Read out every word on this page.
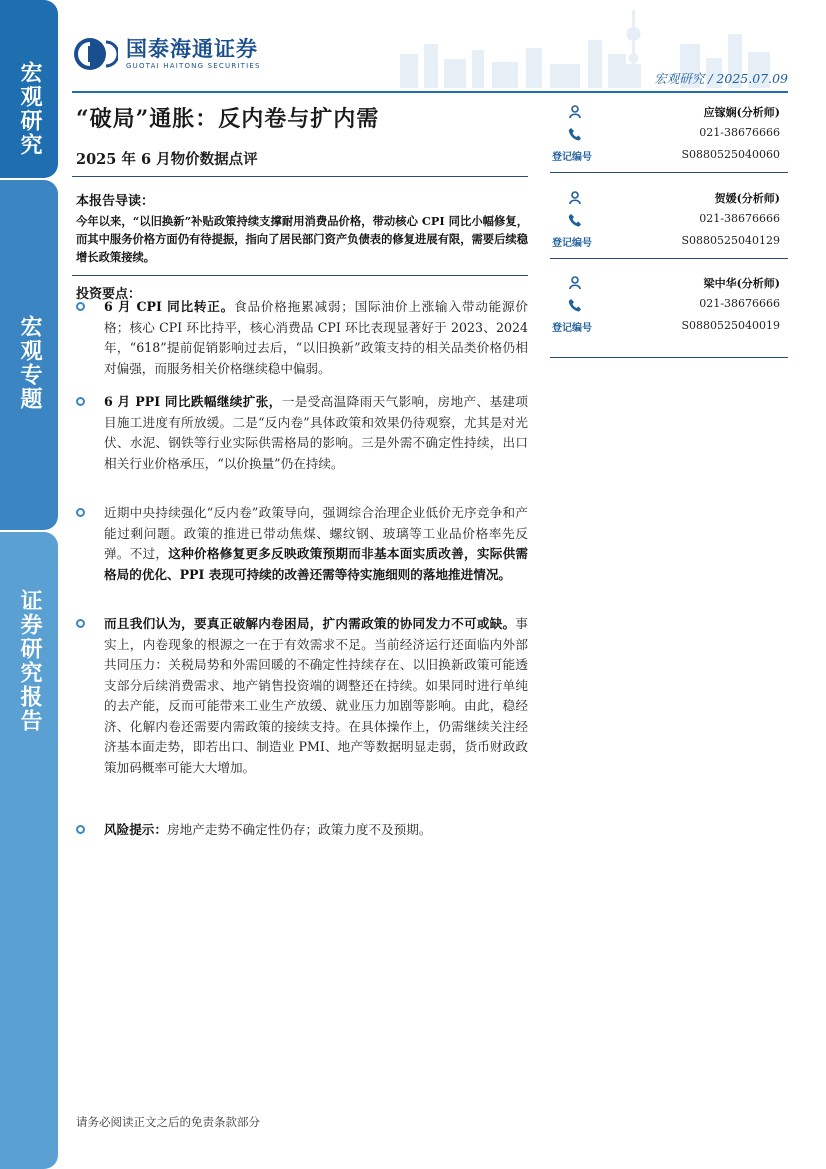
宏观研究
宏观专题
证券研究报告
国泰海通证券
GUOTAI HAITONG SECURITIES
宏观研究 / 2025.07.09
“破局”通胀：反内卷与扩内需
2025 年 6 月物价数据点评
本报告导读：
今年以来，“以旧换新”补贴政策持续支撑耐用消费品价格，带动核心 CPI 同比小幅修复，而其中服务价格方面仍有待提振，指向了居民部门资产负债表的修复进展有限，需要后续稳增长政策接续。
投资要点：
6 月 CPI 同比转正。食品价格拖累减弱；国际油价上涨输入带动能源价格；核心 CPI 环比持平，核心消费品 CPI 环比表现显著好于 2023、2024 年，“618”提前促销影响过去后，“以旧换新”政策支持的相关品类价格仍相对偏强，而服务相关价格继续稳中偏弱。
6 月 PPI 同比跌幅继续扩张，一是受高温降雨天气影响，房地产、基建项目施工进度有所放缓。二是“反内卷”具体政策和效果仍待观察，尤其是对光伏、水泥、钢铁等行业实际供需格局的影响。三是外需不确定性持续，出口相关行业价格承压，“以价换量”仍在持续。
近期中央持续强化“反内卷”政策导向，强调综合治理企业低价无序竞争和产能过剩问题。政策的推进已带动焦煤、螺纹钢、玻璃等工业品价格率先反弹。不过，这种价格修复更多反映政策预期而非基本面实质改善，实际供需格局的优化、PPI 表现可持续的改善还需等待实施细则的落地推进情况。
而且我们认为，要真正破解内卷困局，扩内需政策的协同发力不可或缺。事实上，内卷现象的根源之一在于有效需求不足。当前经济运行还面临内外部共同压力：关税局势和外需回暖的不确定性持续存在、以旧换新政策可能透支部分后续消费需求、地产销售投资端的调整还在持续。如果同时进行单纯的去产能，反而可能带来工业生产放缓、就业压力加剧等影响。由此，稳经济、化解内卷还需要内需政策的接续支持。在具体操作上，仍需继续关注经济基本面走势，即若出口、制造业 PMI、地产等数据明显走弱，货币财政政策加码概率可能大大增加。
风险提示：房地产走势不确定性仍存；政策力度不及预期。
应镓娴(分析师)
021-38676666
登记编号	S0880525040060
贺媛(分析师)
021-38676666
登记编号	S0880525040129
梁中华(分析师)
021-38676666
登记编号	S0880525040019
请务必阅读正文之后的免责条款部分
